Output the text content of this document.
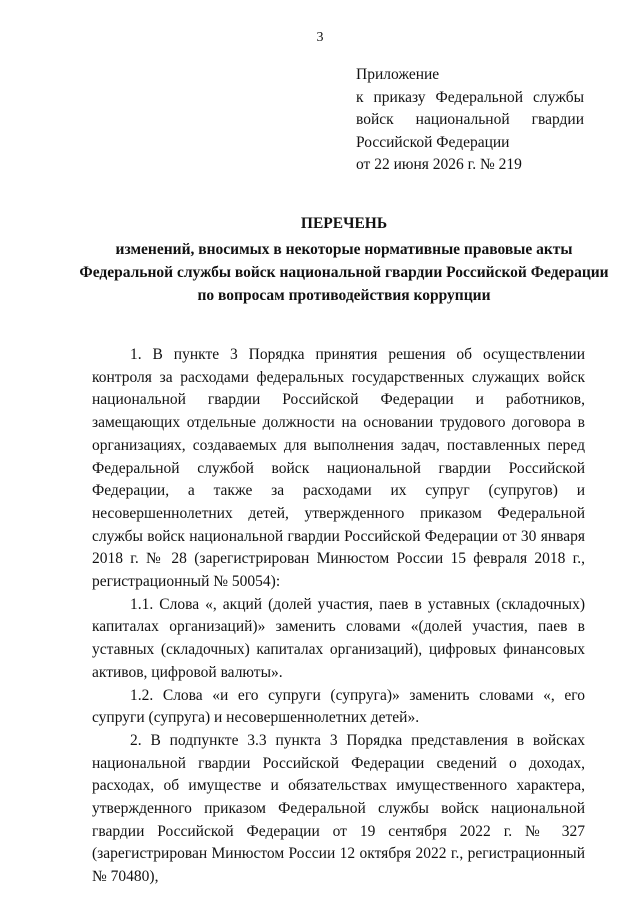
3
Приложение
к приказу Федеральной службы
войск национальной гвардии
Российской Федерации
от 22 июня 2026 г. № 219
ПЕРЕЧЕНЬ
изменений, вносимых в некоторые нормативные правовые акты
Федеральной службы войск национальной гвардии Российской Федерации
по вопросам противодействия коррупции

1. В пункте 3 Порядка принятия решения об осуществлении контроля за расходами федеральных государственных служащих войск национальной гвардии Российской Федерации и работников, замещающих отдельные должности на основании трудового договора в организациях, создаваемых для выполнения задач, поставленных перед Федеральной службой войск национальной гвардии Российской Федерации, а также за расходами их супруг (супругов) и несовершеннолетних детей, утвержденного приказом Федеральной службы войск национальной гвардии Российской Федерации от 30 января 2018 г. № 28 (зарегистрирован Минюстом России 15 февраля 2018 г., регистрационный № 50054):

1.1. Слова «, акций (долей участия, паев в уставных (складочных) капиталах организаций)» заменить словами «(долей участия, паев в уставных (складочных) капиталах организаций), цифровых финансовых активов, цифровой валюты».

1.2. Слова «и его супруги (супруга)» заменить словами «, его супруги (супруга) и несовершеннолетних детей».

2. В подпункте 3.3 пункта 3 Порядка представления в войсках национальной гвардии Российской Федерации сведений о доходах, расходах, об имуществе и обязательствах имущественного характера, утвержденного приказом Федеральной службы войск национальной гвардии Российской Федерации от 19 сентября 2022 г. № 327 (зарегистрирован Минюстом России 12 октября 2022 г., регистрационный № 70480),
